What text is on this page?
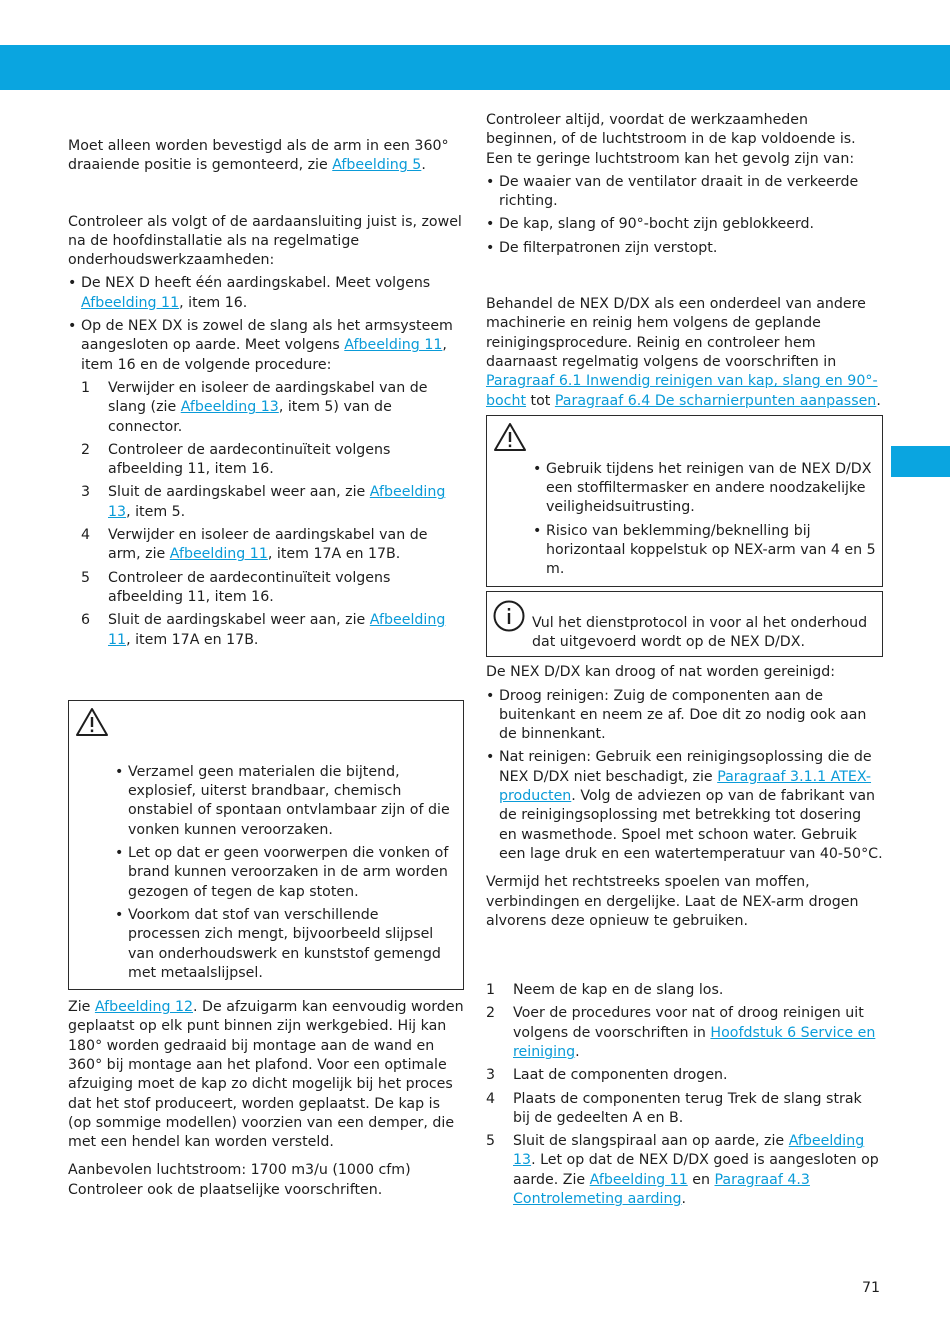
Moet alleen worden bevestigd als de arm in een 360° draaiende positie is gemonteerd, zie Afbeelding 5.

Controleer als volgt of de aardaansluiting juist is, zowel na de hoofdinstallatie als na regelmatige onderhoudswerkzaamheden:

• De NEX D heeft één aardingskabel. Meet volgens Afbeelding 11, item 16.
• Op de NEX DX is zowel de slang als het armsysteem aangesloten op aarde. Meet volgens Afbeelding 11, item 16 en de volgende procedure:
1 Verwijder en isoleer de aardingskabel van de slang (zie Afbeelding 13, item 5) van de connector.
2 Controleer de aardecontinuïteit volgens afbeelding 11, item 16.
3 Sluit de aardingskabel weer aan, zie Afbeelding 13, item 5.
4 Verwijder en isoleer de aardingskabel van de arm, zie Afbeelding 11, item 17A en 17B.
5 Controleer de aardecontinuïteit volgens afbeelding 11, item 16.
6 Sluit de aardingskabel weer aan, zie Afbeelding 11, item 17A en 17B.
• Verzamel geen materialen die bijtend, explosief, uiterst brandbaar, chemisch onstabiel of spontaan ontvlambaar zijn of die vonken kunnen veroorzaken.
• Let op dat er geen voorwerpen die vonken of brand kunnen veroorzaken in de arm worden gezogen of tegen de kap stoten.
• Voorkom dat stof van verschillende processen zich mengt, bijvoorbeeld slijpsel van onderhoudswerk en kunststof gemengd met metaalslijpsel.

Zie Afbeelding 12. De afzuigarm kan eenvoudig worden geplaatst op elk punt binnen zijn werkgebied. Hij kan 180° worden gedraaid bij montage aan de wand en 360° bij montage aan het plafond. Voor een optimale afzuiging moet de kap zo dicht mogelijk bij het proces dat het stof produceert, worden geplaatst. De kap is (op sommige modellen) voorzien van een demper, die met een hendel kan worden versteld.

Aanbevolen luchtstroom: 1700 m3/u (1000 cfm) Controleer ook de plaatselijke voorschriften.

Controleer altijd, voordat de werkzaamheden beginnen, of de luchtstroom in de kap voldoende is. Een te geringe luchtstroom kan het gevolg zijn van:

• De waaier van de ventilator draait in de verkeerde richting.
• De kap, slang of 90°-bocht zijn geblokkeerd.
• De filterpatronen zijn verstopt.

Behandel de NEX D/DX als een onderdeel van andere machinerie en reinig hem volgens de geplande reinigingsprocedure. Reinig en controleer hem daarnaast regelmatig volgens de voorschriften in Paragraaf 6.1 Inwendig reinigen van kap, slang en 90°-bocht tot Paragraaf 6.4 De scharnierpunten aanpassen.

• Gebruik tijdens het reinigen van de NEX D/DX een stoffiltermasker en andere noodzakelijke veiligheidsuitrusting.
• Risico van beklemming/beknelling bij horizontaal koppelstuk op NEX-arm van 4 en 5 m.

Vul het dienstprotocol in voor al het onderhoud dat uitgevoerd wordt op de NEX D/DX.

De NEX D/DX kan droog of nat worden gereinigd:

• Droog reinigen: Zuig de componenten aan de buitenkant en neem ze af. Doe dit zo nodig ook aan de binnenkant.
• Nat reinigen: Gebruik een reinigingsoplossing die de NEX D/DX niet beschadigt, zie Paragraaf 3.1.1 ATEX-producten. Volg de adviezen op van de fabrikant van de reinigingsoplossing met betrekking tot dosering en wasmethode. Spoel met schoon water. Gebruik een lage druk en een watertemperatuur van 40-50°C.

Vermijd het rechtstreeks spoelen van moffen, verbindingen en dergelijke. Laat de NEX-arm drogen alvorens deze opnieuw te gebruiken.

1 Neem de kap en de slang los.
2 Voer de procedures voor nat of droog reinigen uit volgens de voorschriften in Hoofdstuk 6 Service en reiniging.
3 Laat de componenten drogen.
4 Plaats de componenten terug Trek de slang strak bij de gedeelten A en B.
5 Sluit de slangspiraal aan op aarde, zie Afbeelding 13. Let op dat de NEX D/DX goed is aangesloten op aarde. Zie Afbeelding 11 en Paragraaf 4.3 Controlemeting aarding.
71
